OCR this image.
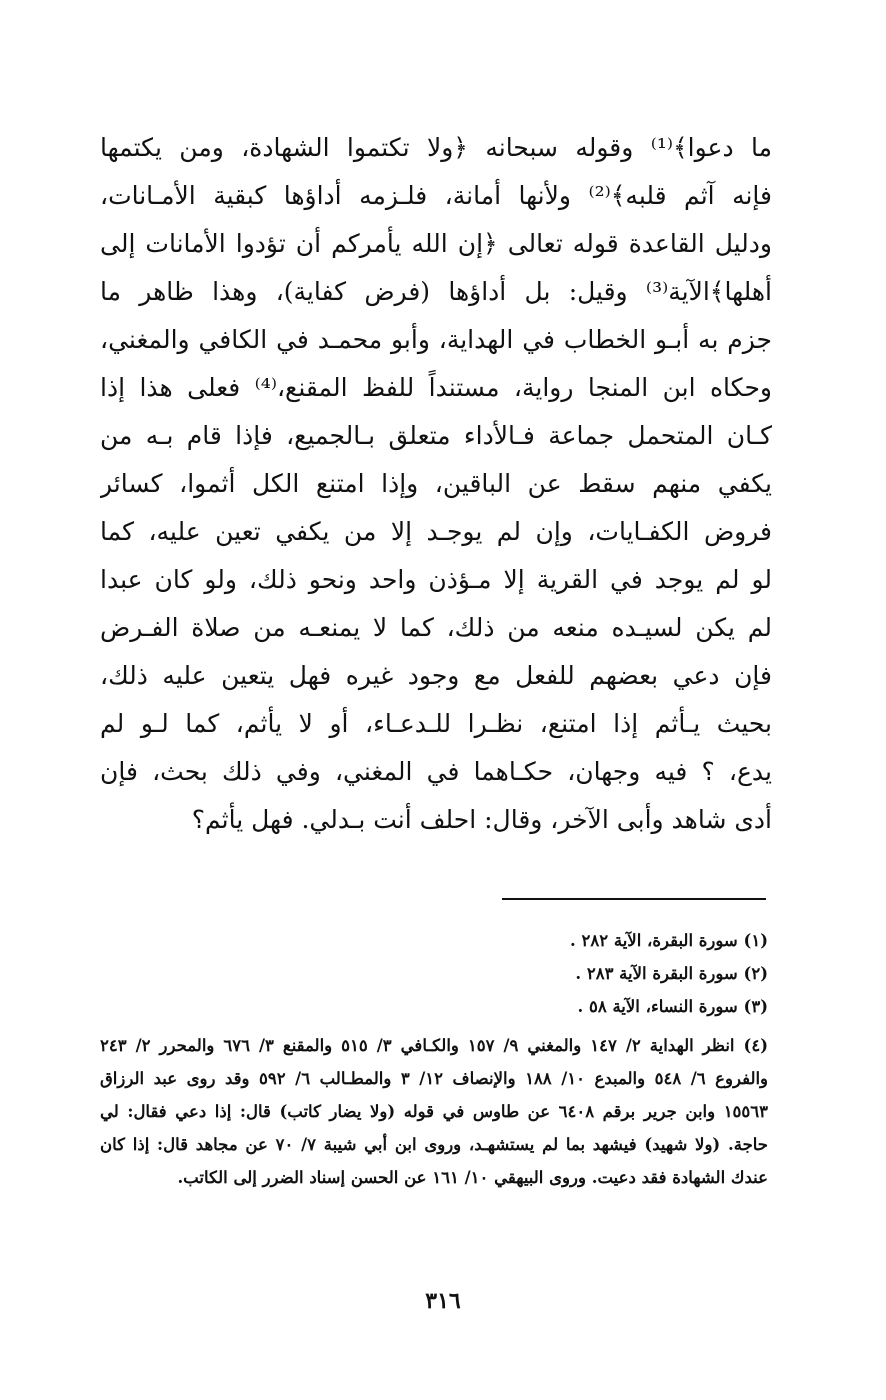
ما دعوا﴾⁽¹⁾ وقوله سبحانه ﴿ولا تكتموا الشهادة، ومن يكتمها
فإنه آثم قلبه﴾⁽²⁾ ولأنها أمانة، فلـزمه أداؤها كبقية الأمـانات،
ودليل القاعدة قوله تعالى ﴿إن الله يأمركم أن تؤدوا الأمانات إلى
أهلها﴾الآية⁽³⁾ وقيل: بل أداؤها (فرض كفاية)، وهذا ظاهر ما
جزم به أبـو الخطاب في الهداية، وأبو محمـد في الكافي والمغني،
وحكاه ابن المنجا رواية، مستنداً للفظ المقنع،⁽⁴⁾ فعلى هذا إذا
كـان المتحمل جماعة فـالأداء متعلق بـالجميع، فإذا قام بـه من
يكفي منهم سقط عن الباقين، وإذا امتنع الكل أثموا، كسائر
فروض الكفـايات، وإن لم يوجـد إلا من يكفي تعين عليه، كما
لو لم يوجد في القرية إلا مـؤذن واحد ونحو ذلك، ولو كان عبدا
لم يكن لسيـده منعه من ذلك، كما لا يمنعـه من صلاة الفـرض
فإن دعي بعضهم للفعل مع وجود غيره فهل يتعين عليه ذلك،
بحيث يـأثم إذا امتنع، نظـرا للـدعـاء، أو لا يأثم، كما لـو لم
يدع، ؟ فيه وجهان، حكـاهما في المغني، وفي ذلك بحث، فإن
أدى شاهد وأبى الآخر، وقال: احلف أنت بـدلي. فهل يأثم؟
(١) سورة البقرة، الآية ٢٨٢ .
(٢) سورة البقرة الآية ٢٨٣ .
(٣) سورة النساء، الآية ٥٨ .
(٤) انظر الهداية ٢/ ١٤٧ والمغني ٩/ ١٥٧ والكـافي ٣/ ٥١٥ والمقنع ٣/ ٦٧٦ والمحرر ٢/ ٢٤٣
والفروع ٦/ ٥٤٨ والمبدع ١٠/ ١٨٨ والإنصاف ١٢/ ٣ والمطـالب ٦/ ٥٩٢ وقد روى عبد الرزاق
١٥٥٦٣ وابن جرير برقم ٦٤٠٨ عن طاوس في قوله (ولا يضار كاتب) قال: إذا دعي فقال: لي
حاجة. (ولا شهيد) فيشهد بما لم يستشهـد، وروى ابن أبي شيبة ٧/ ٧٠ عن مجاهد قال: إذا كان
عندك الشهادة فقد دعيت. وروى البيهقي ١٠/ ١٦١ عن الحسن إسناد الضرر إلى الكاتب.
٣١٦
